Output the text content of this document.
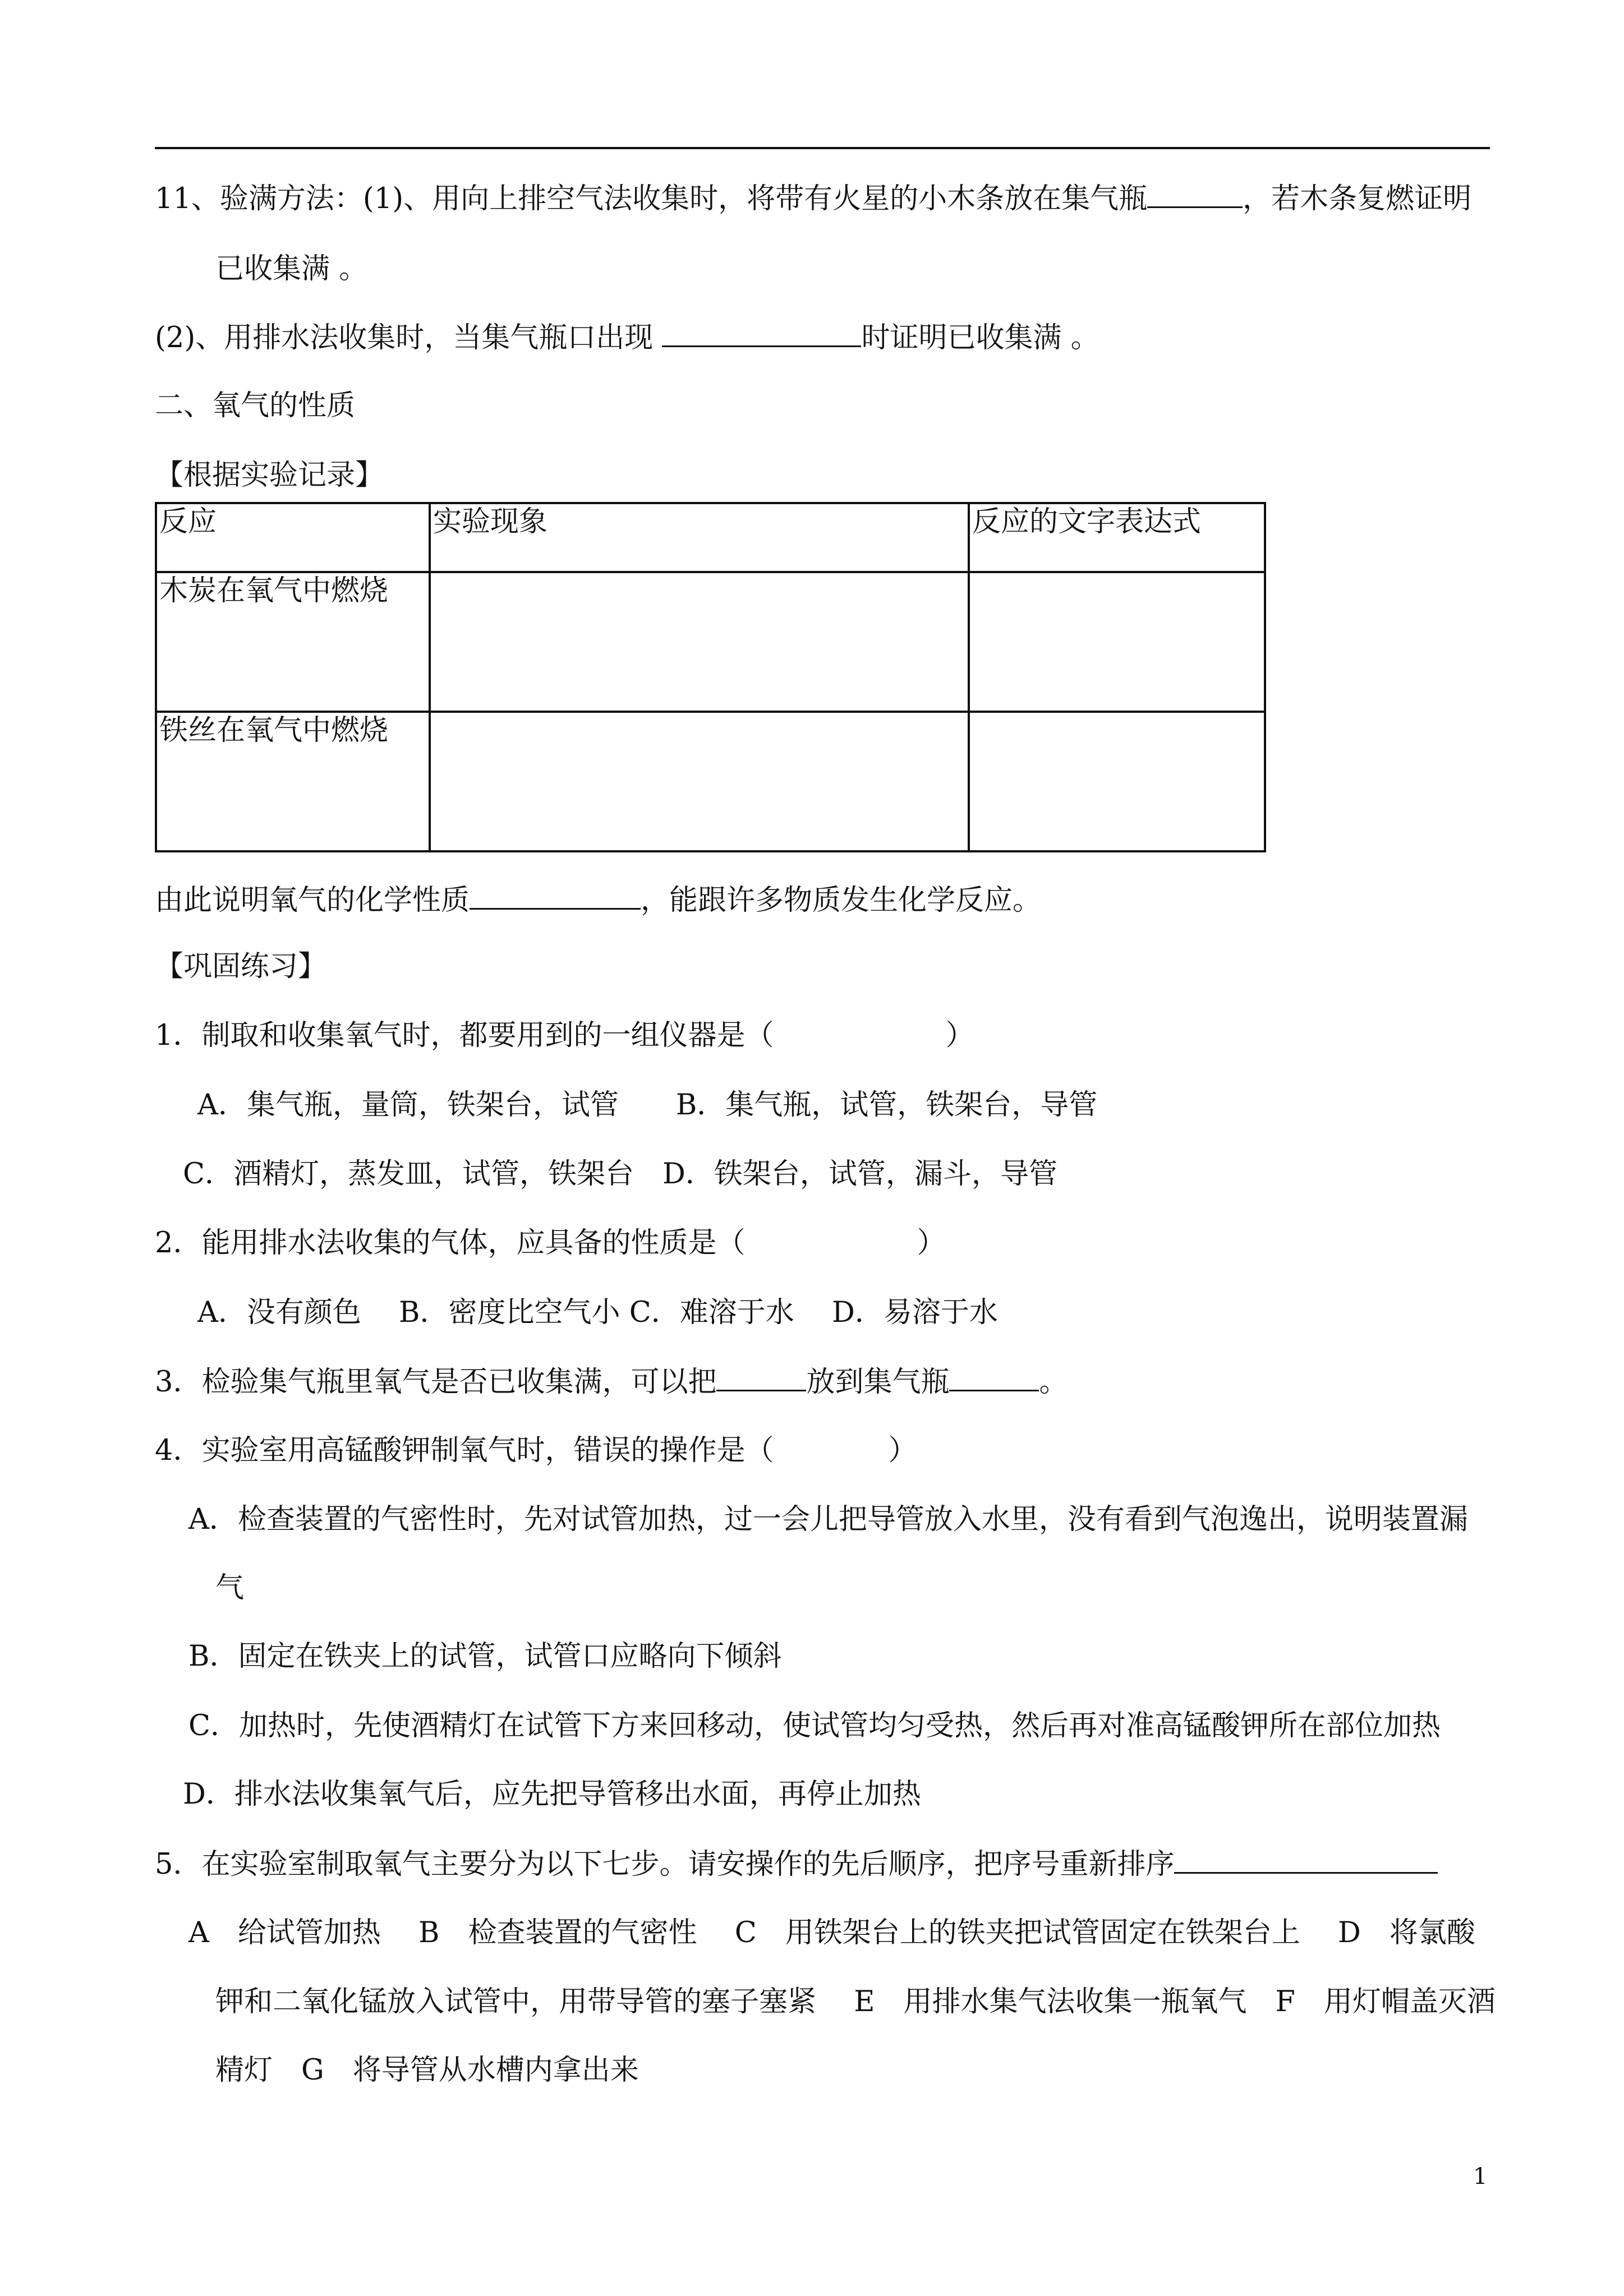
11、验满方法：(1)、用向上排空气法收集时，将带有火星的小木条放在集气瓶	，若木条复燃证明
已收集满 。
(2)、用排水法收集时，当集气瓶口出现	时证明已收集满 。
二、氧气的性质
【根据实验记录】
反应	实验现象	反应的文字表达式
木炭在氧气中燃烧		
铁丝在氧气中燃烧		
由此说明氧气的化学性质	，能跟许多物质发生化学反应。
【巩固练习】
1．制取和收集氧气时，都要用到的一组仪器是（　　　　　　）
A．集气瓶，量筒，铁架台，试管　　B．集气瓶，试管，铁架台，导管
C．酒精灯，蒸发皿，试管，铁架台　D．铁架台，试管，漏斗，导管
2．能用排水法收集的气体，应具备的性质是（　　　　　　）
A．没有颜色　 B．密度比空气小 C．难溶于水　 D．易溶于水
3．检验集气瓶里氧气是否已收集满，可以把	放到集气瓶	。
4．实验室用高锰酸钾制氧气时，错误的操作是（　　　　）
A．检查装置的气密性时，先对试管加热，过一会儿把导管放入水里，没有看到气泡逸出，说明装置漏
气
B．固定在铁夹上的试管，试管口应略向下倾斜
C．加热时，先使酒精灯在试管下方来回移动，使试管均匀受热，然后再对准高锰酸钾所在部位加热
D．排水法收集氧气后，应先把导管移出水面，再停止加热
5．在实验室制取氧气主要分为以下七步。请安操作的先后顺序，把序号重新排序
A　给试管加热　 B　检查装置的气密性　 C　用铁架台上的铁夹把试管固定在铁架台上　 D　将氯酸
钾和二氧化锰放入试管中，用带导管的塞子塞紧　 E　用排水集气法收集一瓶氧气　F　用灯帽盖灭酒
精灯　G　将导管从水槽内拿出来
1
